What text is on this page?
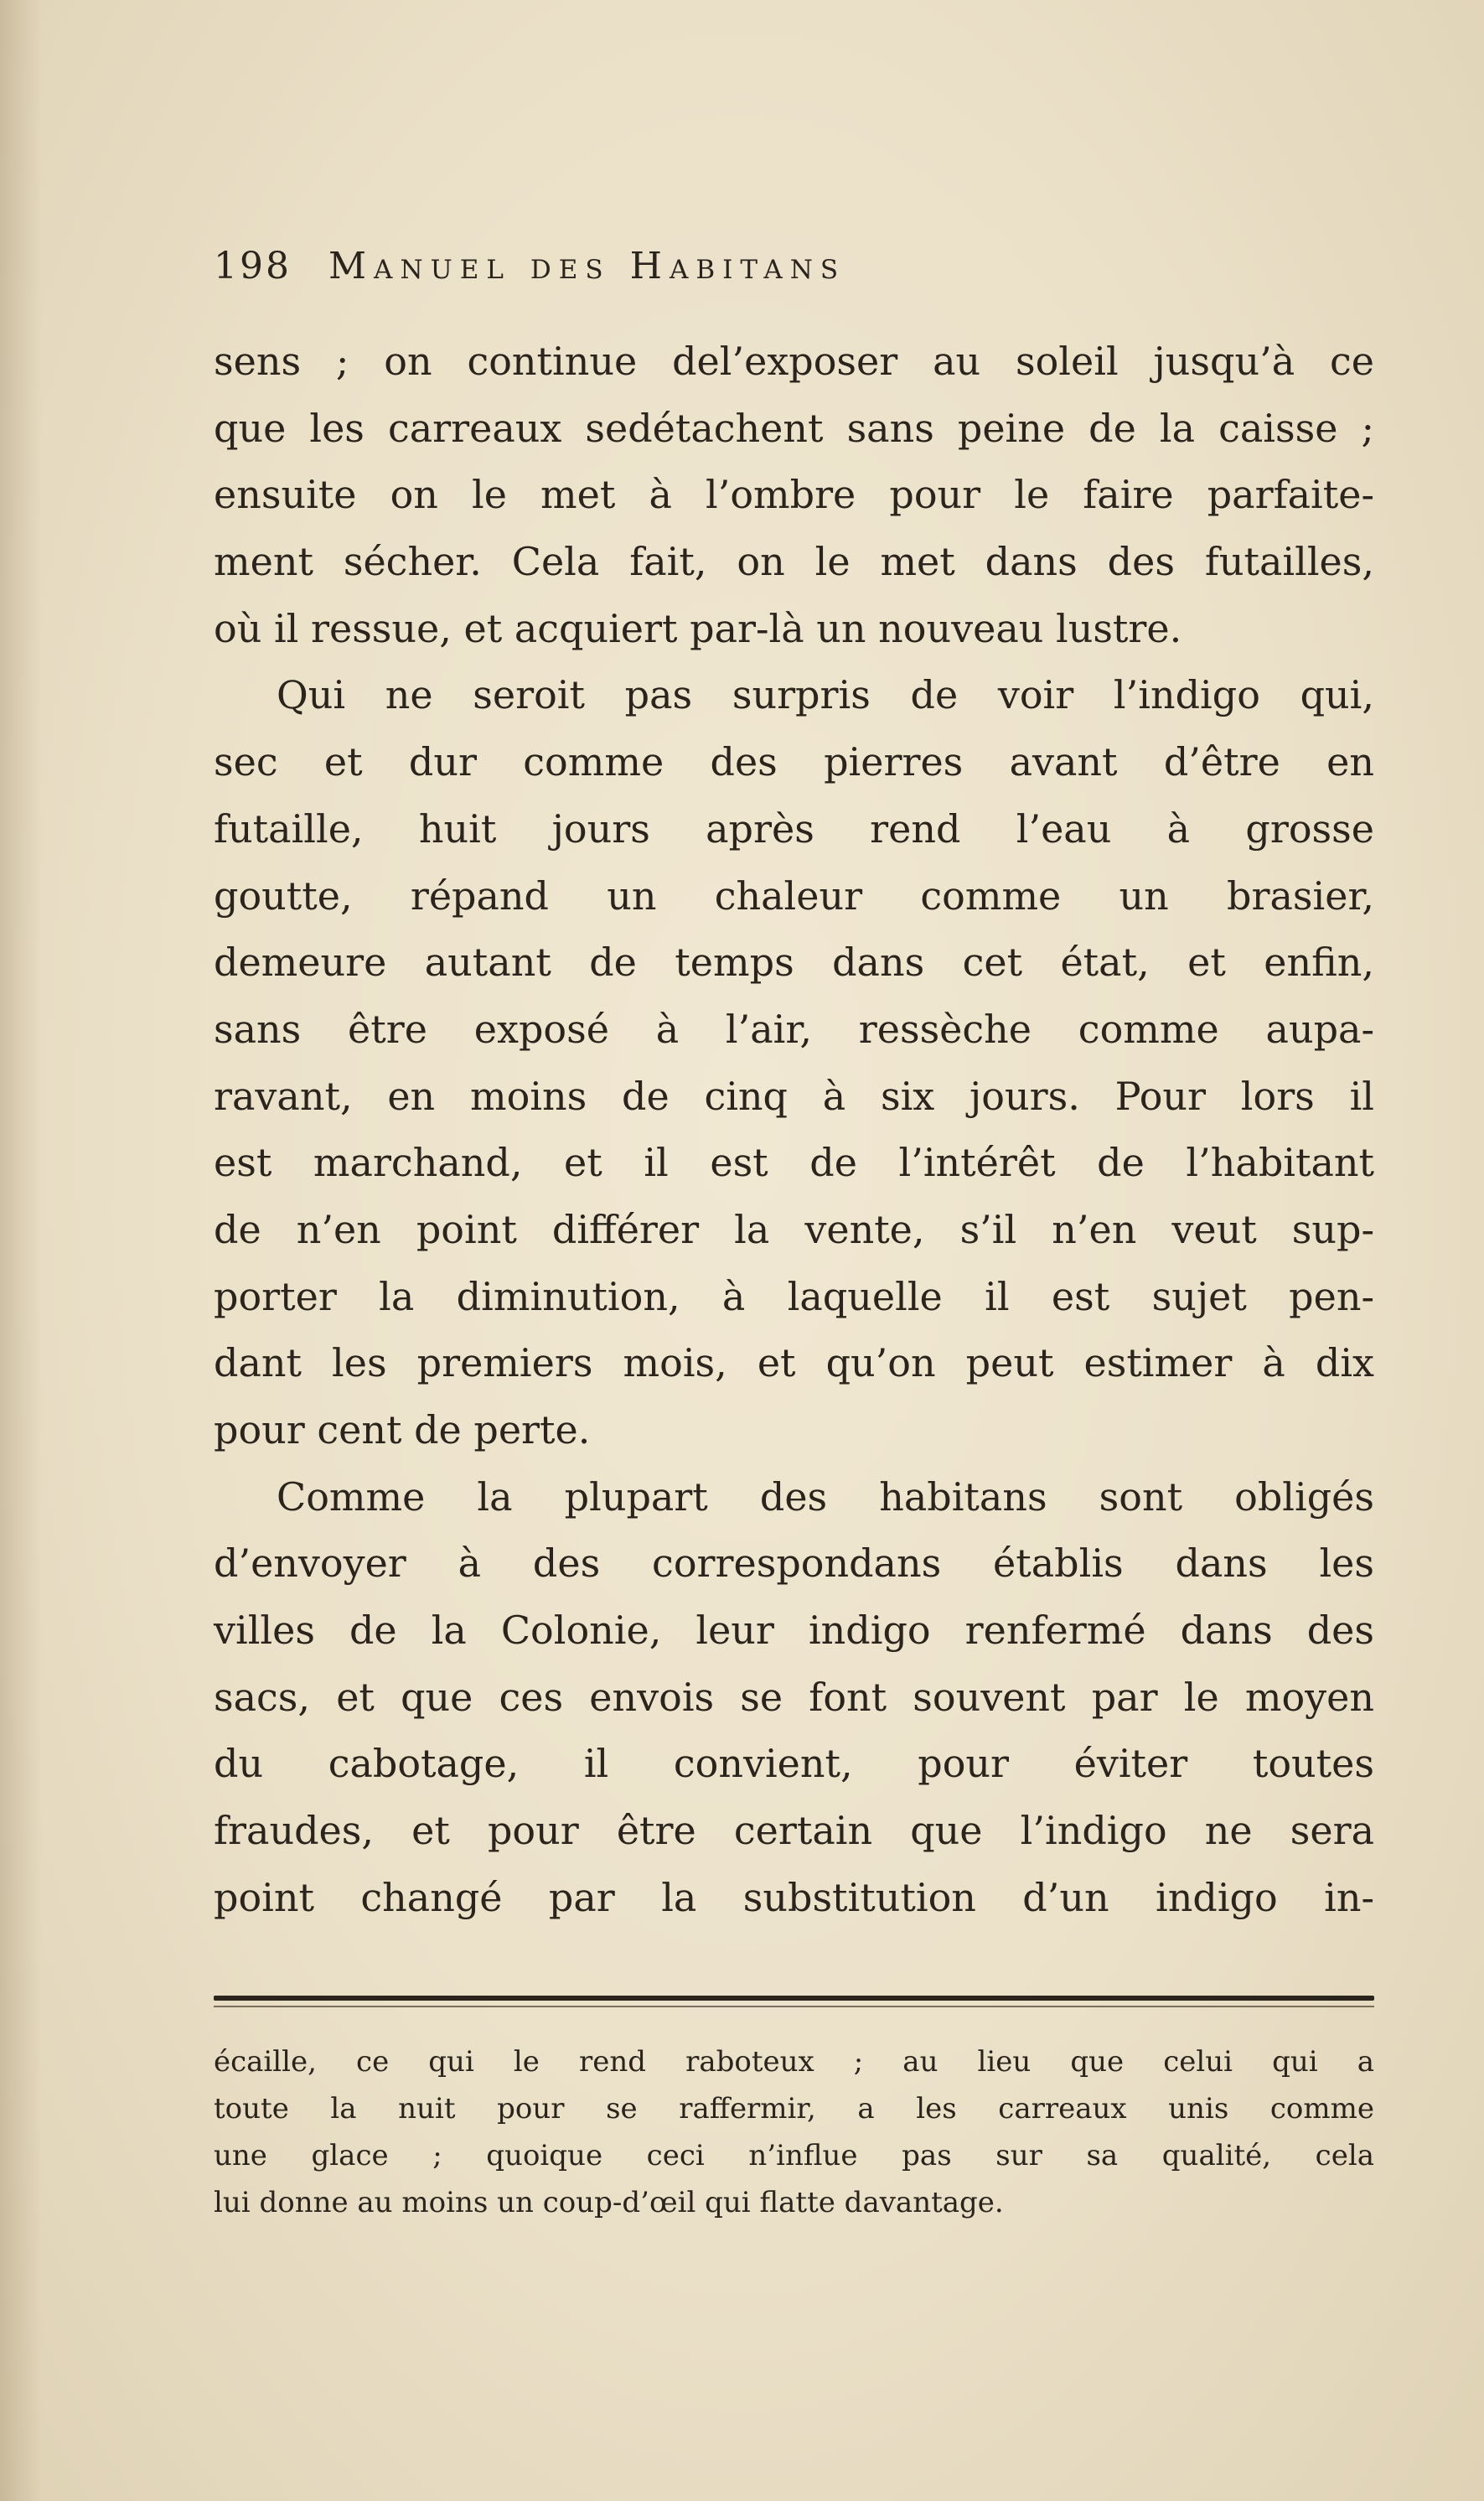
198 Manuel des Habitans
sens ; on continue del’exposer au soleil jusqu’à ce
que les carreaux sedétachent sans peine de la caisse ;
ensuite on le met à l’ombre pour le faire parfaite-
ment sécher. Cela fait, on le met dans des futailles,
où il ressue, et acquiert par-là un nouveau lustre.
Qui ne seroit pas surpris de voir l’indigo qui,
sec et dur comme des pierres avant d’être en
futaille, huit jours après rend l’eau à grosse
goutte, répand un chaleur comme un brasier,
demeure autant de temps dans cet état, et enfin,
sans être exposé à l’air, ressèche comme aupa-
ravant, en moins de cinq à six jours. Pour lors il
est marchand, et il est de l’intérêt de l’habitant
de n’en point différer la vente, s’il n’en veut sup-
porter la diminution, à laquelle il est sujet pen-
dant les premiers mois, et qu’on peut estimer à dix
pour cent de perte.
Comme la plupart des habitans sont obligés
d’envoyer à des correspondans établis dans les
villes de la Colonie, leur indigo renfermé dans des
sacs, et que ces envois se font souvent par le moyen
du cabotage, il convient, pour éviter toutes
fraudes, et pour être certain que l’indigo ne sera
point changé par la substitution d’un indigo in-
écaille, ce qui le rend raboteux ; au lieu que celui qui a
toute la nuit pour se raffermir, a les carreaux unis comme
une glace ; quoique ceci n’influe pas sur sa qualité, cela
lui donne au moins un coup-d’œil qui flatte davantage.
